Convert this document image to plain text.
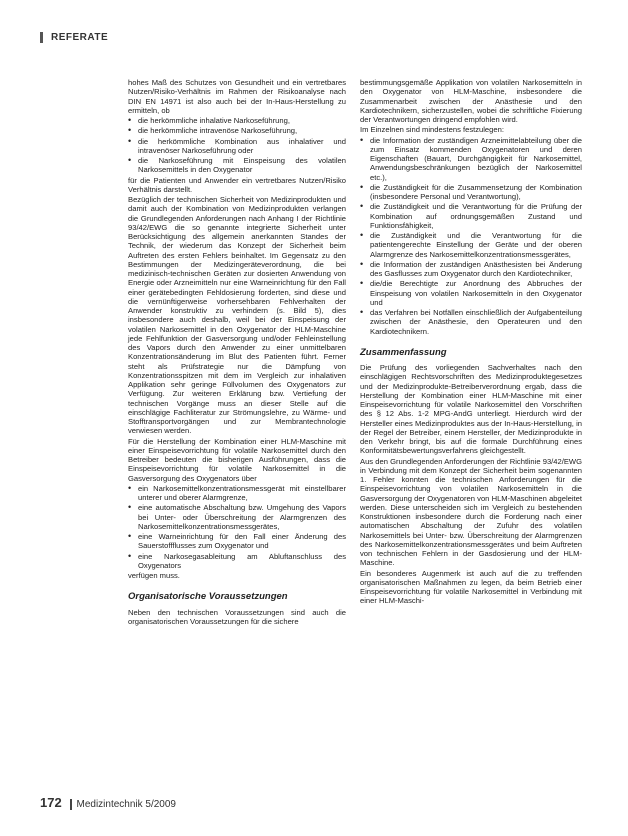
REFERATE

hohes Maß des Schutzes von Gesundheit und ein vertretbares Nutzen/Risiko-Verhältnis im Rahmen der Risikoanalyse nach DIN EN 14971 ist also auch bei der In-Haus-Herstellung zu ermitteln, ob

• die herkömmliche inhalative Narkoseführung,
• die herkömmliche intravenöse Narkoseführung,
• die herkömmliche Kombination aus inhalativer und intravenöser Narkoseführung oder
• die Narkoseführung mit Einspeisung des volatilen Narkosemittels in den Oxygenator

für die Patienten und Anwender ein vertretbares Nutzen/Risiko Verhältnis darstellt.

Bezüglich der technischen Sicherheit von Medizinprodukten und damit auch der Kombination von Medizinprodukten verlangen die Grundlegenden Anforderungen nach Anhang I der Richtlinie 93/42/EWG die so genannte integrierte Sicherheit unter Berücksichtigung des allgemein anerkannten Standes der Technik, der wiederum das Konzept der Sicherheit beim Auftreten des ersten Fehlers beinhaltet. Im Gegensatz zu den Bestimmungen der Medizingeräteverordnung, die bei medizinisch-technischen Geräten zur dosierten Anwendung von Energie oder Arzneimitteln nur eine Warneinrichtung für den Fall einer gerätebedingten Fehldosierung forderten, sind diese und die vernünftigerweise vorhersehbaren Fehlverhalten der Anwender konstruktiv zu verhindern (s. Bild 5), dies insbesondere auch deshalb, weil bei der Einspeisung der volatilen Narkosemittel in den Oxygenator der HLM-Maschine jede Fehlfunktion der Gasversorgung und/oder Fehleinstellung des Vapors durch den Anwender zu einer unmittelbaren Konzentrationsänderung im Blut des Patienten führt. Ferner steht als Prüfstrategie nur die Dämpfung von Konzentrationsspitzen mit dem im Vergleich zur inhalativen Applikation sehr geringe Füllvolumen des Oxygenators zur Verfügung. Zur weiteren Erklärung bzw. Vertiefung der technischen Vorgänge muss an dieser Stelle auf die einschlägige Fachliteratur zur Strömungslehre, zu Wärme- und Stofftransportvorgängen und zur Membrantechnologie verwiesen werden.

Für die Herstellung der Kombination einer HLM-Maschine mit einer Einspeisevorrichtung für volatile Narkosemittel durch den Betreiber bedeuten die bisherigen Ausführungen, dass die Einspeisevorrichtung für volatile Narkosemittel in die Gasversorgung des Oxygenators über

• ein Narkosemittelkonzentrationsmessgerät mit einstellbarer unterer und oberer Alarmgrenze,
• eine automatische Abschaltung bzw. Umgehung des Vapors bei Unter- oder Überschreitung der Alarmgrenzen des Narkosemittelkonzentrationsmessgerätes,
• eine Warneinrichtung für den Fall einer Änderung des Sauerstoffflusses zum Oxygenator und
• eine Narkosegasableitung am Abluftanschluss des Oxygenators

verfügen muss.

Organisatorische Voraussetzungen

Neben den technischen Voraussetzungen sind auch die organisatorischen Voraussetzungen für die sichere

bestimmungsgemäße Applikation von volatilen Narkosemitteln in den Oxygenator von HLM-Maschine, insbesondere die Zusammenarbeit zwischen der Anästhesie und den Kardiotechnikern, sicherzustellen, wobei die schriftliche Fixierung der Verantwortungen dringend empfohlen wird.

Im Einzelnen sind mindestens festzulegen:

• die Information der zuständigen Arzneimittelabteilung über die zum Einsatz kommenden Oxygenatoren und deren Eigenschaften (Bauart, Durchgängigkeit für Narkosemittel, Anwendungsbeschränkungen bezüglich der Narkosemittel etc.),
• die Zuständigkeit für die Zusammensetzung der Kombination (insbesondere Personal und Verantwortung),
• die Zuständigkeit und die Verantwortung für die Prüfung der Kombination auf ordnungsgemäßen Zustand und Funktionsfähigkeit,
• die Zuständigkeit und die Verantwortung für die patientengerechte Einstellung der Geräte und der oberen Alarmgrenze des Narkosemittelkonzentrationsmessgerätes,
• die Information der zuständigen Anästhesisten bei Änderung des Gasflusses zum Oxygenator durch den Kardiotechniker,
• die/die Berechtigte zur Anordnung des Abbruches der Einspeisung von volatilen Narkosemitteln in den Oxygenator und
• das Verfahren bei Notfällen einschließlich der Aufgabenteilung zwischen der Anästhesie, den Operateuren und den Kardiotechnikern.
Zusammenfassung

Die Prüfung des vorliegenden Sachverhaltes nach den einschlägigen Rechtsvorschriften des Medizinproduktegesetzes und der Medizinprodukte-Betreiberverordnung ergab, dass die Herstellung der Kombination einer HLM-Maschine mit einer Einspeisevorrichtung für volatile Narkosemittel den Vorschriften des § 12 Abs. 1-2 MPG-AndG unterliegt. Hierdurch wird der Hersteller eines Medizinproduktes aus der In-Haus-Herstellung, in der Regel der Betreiber, einem Hersteller, der Medizinprodukte in den Verkehr bringt, bis auf die formale Durchführung eines Konformitätsbewertungsverfahrens gleichgestellt.

Aus den Grundlegenden Anforderungen der Richtlinie 93/42/EWG in Verbindung mit dem Konzept der Sicherheit beim sogenannten 1. Fehler konnten die technischen Anforderungen für die Einspeisevorrichtung von volatilen Narkosemitteln in die Gasversorgung der Oxygenatoren von HLM-Maschinen abgeleitet werden. Diese unterscheiden sich im Vergleich zu bestehenden Konstruktionen insbesondere durch die Forderung nach einer automatischen Abschaltung der Zufuhr des volatilen Narkosemittels bei Unter- bzw. Überschreitung der Alarmgrenzen des Narkosemittelkonzentrationsmessgerätes und beim Auftreten von technischen Fehlern in der Gasdosierung und der HLM-Maschine.

Ein besonderes Augenmerk ist auch auf die zu treffenden organisatorischen Maßnahmen zu legen, da beim Betrieb einer Einspeisevorrichtung für volatile Narkosemittel in Verbindung mit einer HLM-Maschi-

172 Medizintechnik 5/2009
